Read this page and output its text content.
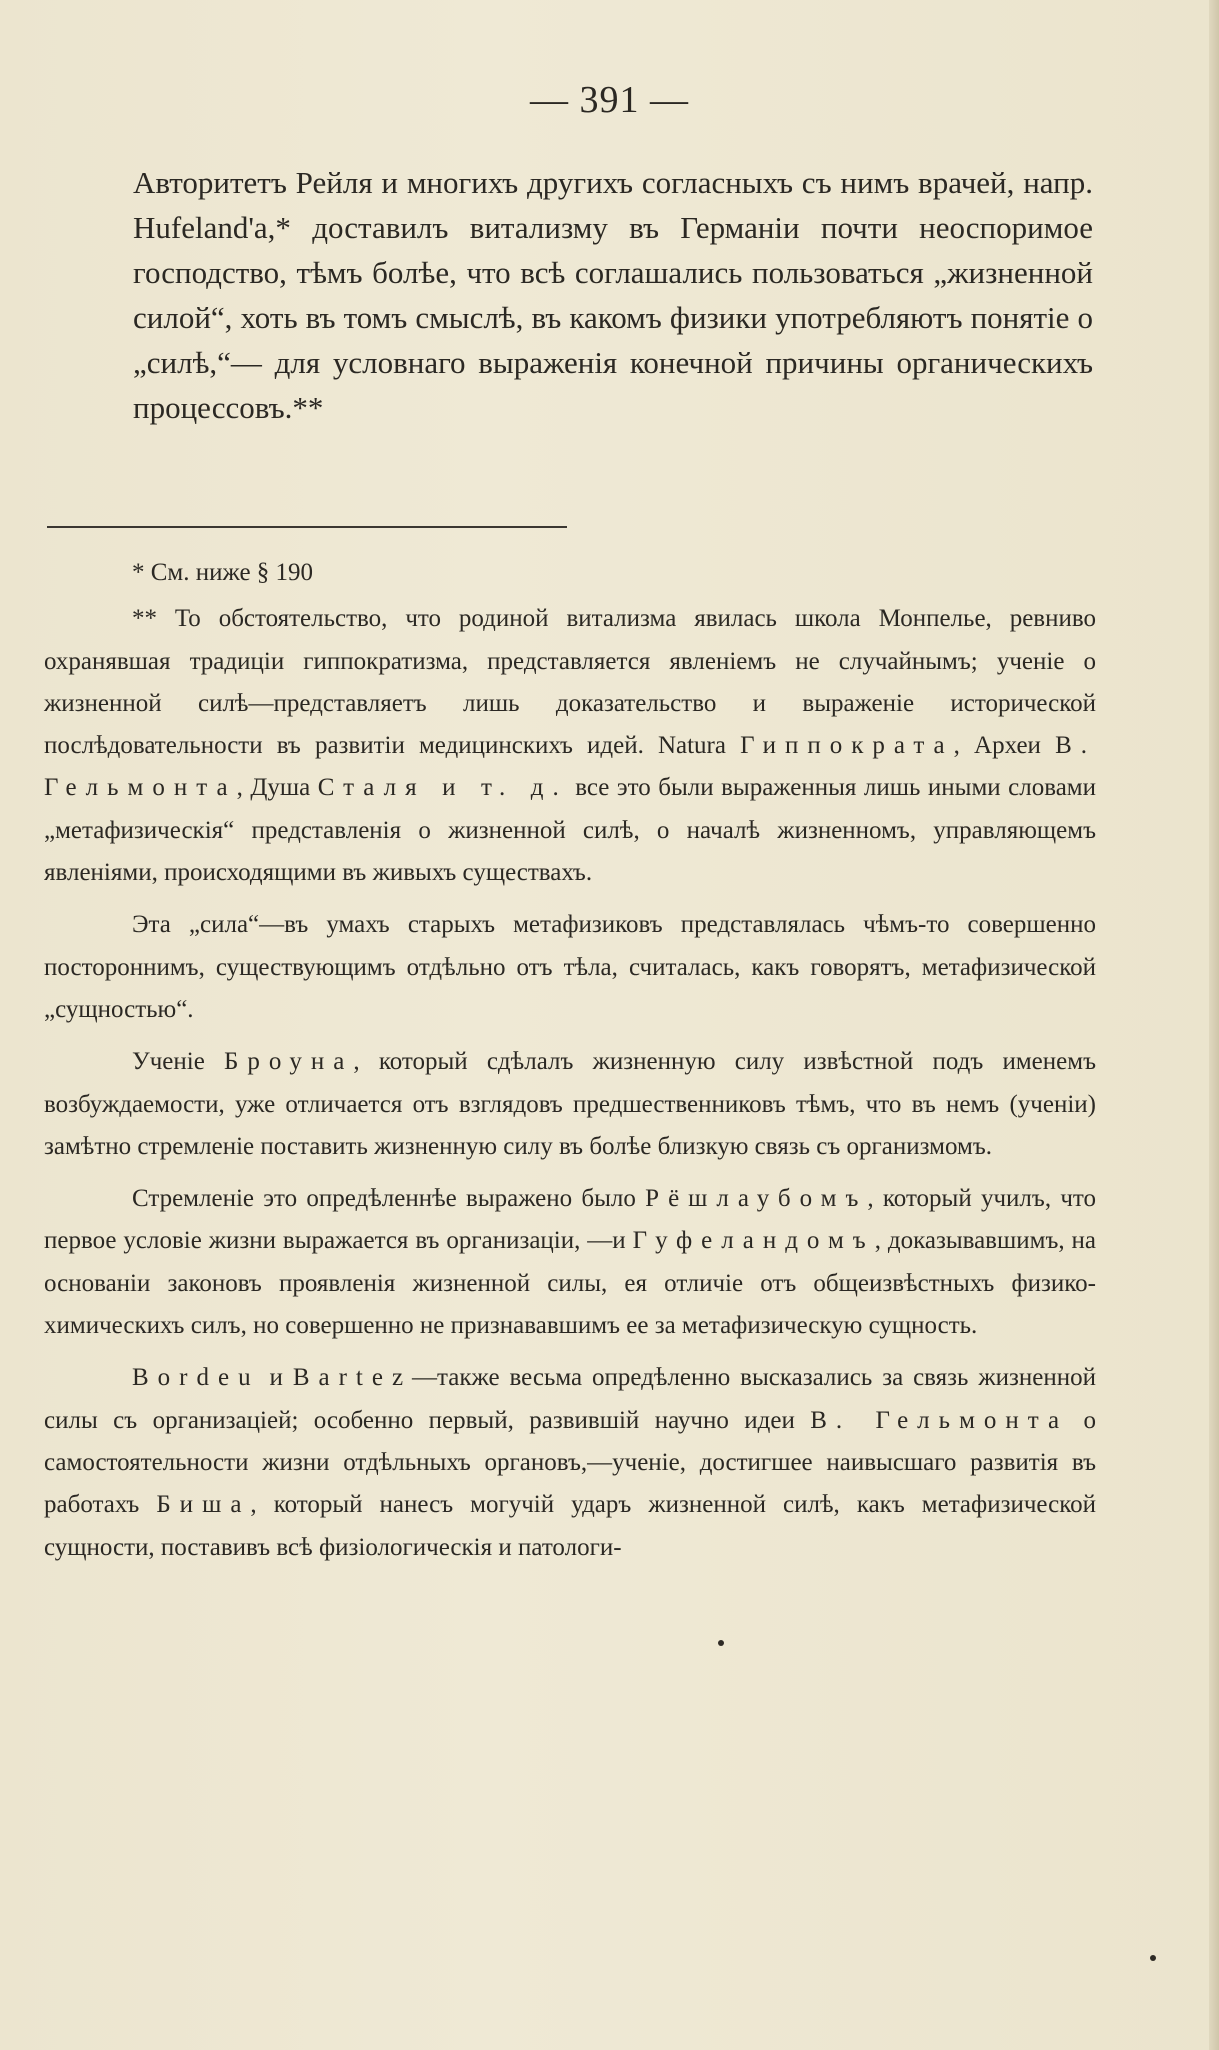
— 391 —

Авторитетъ Рейля и многихъ другихъ согласныхъ съ нимъ врачей, напр. Hufeland'a,* доставилъ витализму въ Германіи почти неоспоримое господство, тѣмъ болѣе, что всѣ соглашались пользоваться „жизненной силой“, хоть въ томъ смыслѣ, въ какомъ физики употребляютъ понятіе о „силѣ,“— для условнаго выраженія конечной причины органическихъ процессовъ.**

* См. ниже § 190

** То обстоятельство, что родиной витализма явилась школа Монпелье, ревниво охранявшая традиціи гиппократизма, представляется явленіемъ не случайнымъ; ученіе о жизненной силѣ—представляетъ лишь доказательство и выраженіе исторической послѣдовательности въ развитіи медицинскихъ идей. Natura Гиппократа, Археи В. Гельмонта, Душа Сталя и т. д. все это были выраженныя лишь иными словами „метафизическія“ представленія о жизненной силѣ, о началѣ жизненномъ, управляющемъ явленіями, происходящими въ живыхъ существахъ.

Эта „сила“—въ умахъ старыхъ метафизиковъ представлялась чѣмъ-то совершенно постороннимъ, существующимъ отдѣльно отъ тѣла, считалась, какъ говорятъ, метафизической „сущностью“.

Ученіе Броуна, который сдѣлалъ жизненную силу извѣстной подъ именемъ возбуждаемости, уже отличается отъ взглядовъ предшественниковъ тѣмъ, что въ немъ (ученіи) замѣтно стремленіе поставить жизненную силу въ болѣе близкую связь съ организмомъ.

Стремленіе это опредѣленнѣе выражено было Рёшлаубомъ, который училъ, что первое условіе жизни выражается въ организаціи, —и Гуфеландомъ, доказывавшимъ, на основаніи законовъ проявленія жизненной силы, ея отличіе отъ общеизвѣстныхъ физико-химическихъ силъ, но совершенно не признававшимъ ее за метафизическую сущность.

Bordeu и Bartez—также весьма опредѣленно высказались за связь жизненной силы съ организаціей; особенно первый, развившій научно идеи В. Гельмонта о самостоятельности жизни отдѣльныхъ органовъ,—ученіе, достигшее наивысшаго развитія въ работахъ Биша, который нанесъ могучій ударъ жизненной силѣ, какъ метафизической сущности, поставивъ всѣ физіологическія и патологи-
